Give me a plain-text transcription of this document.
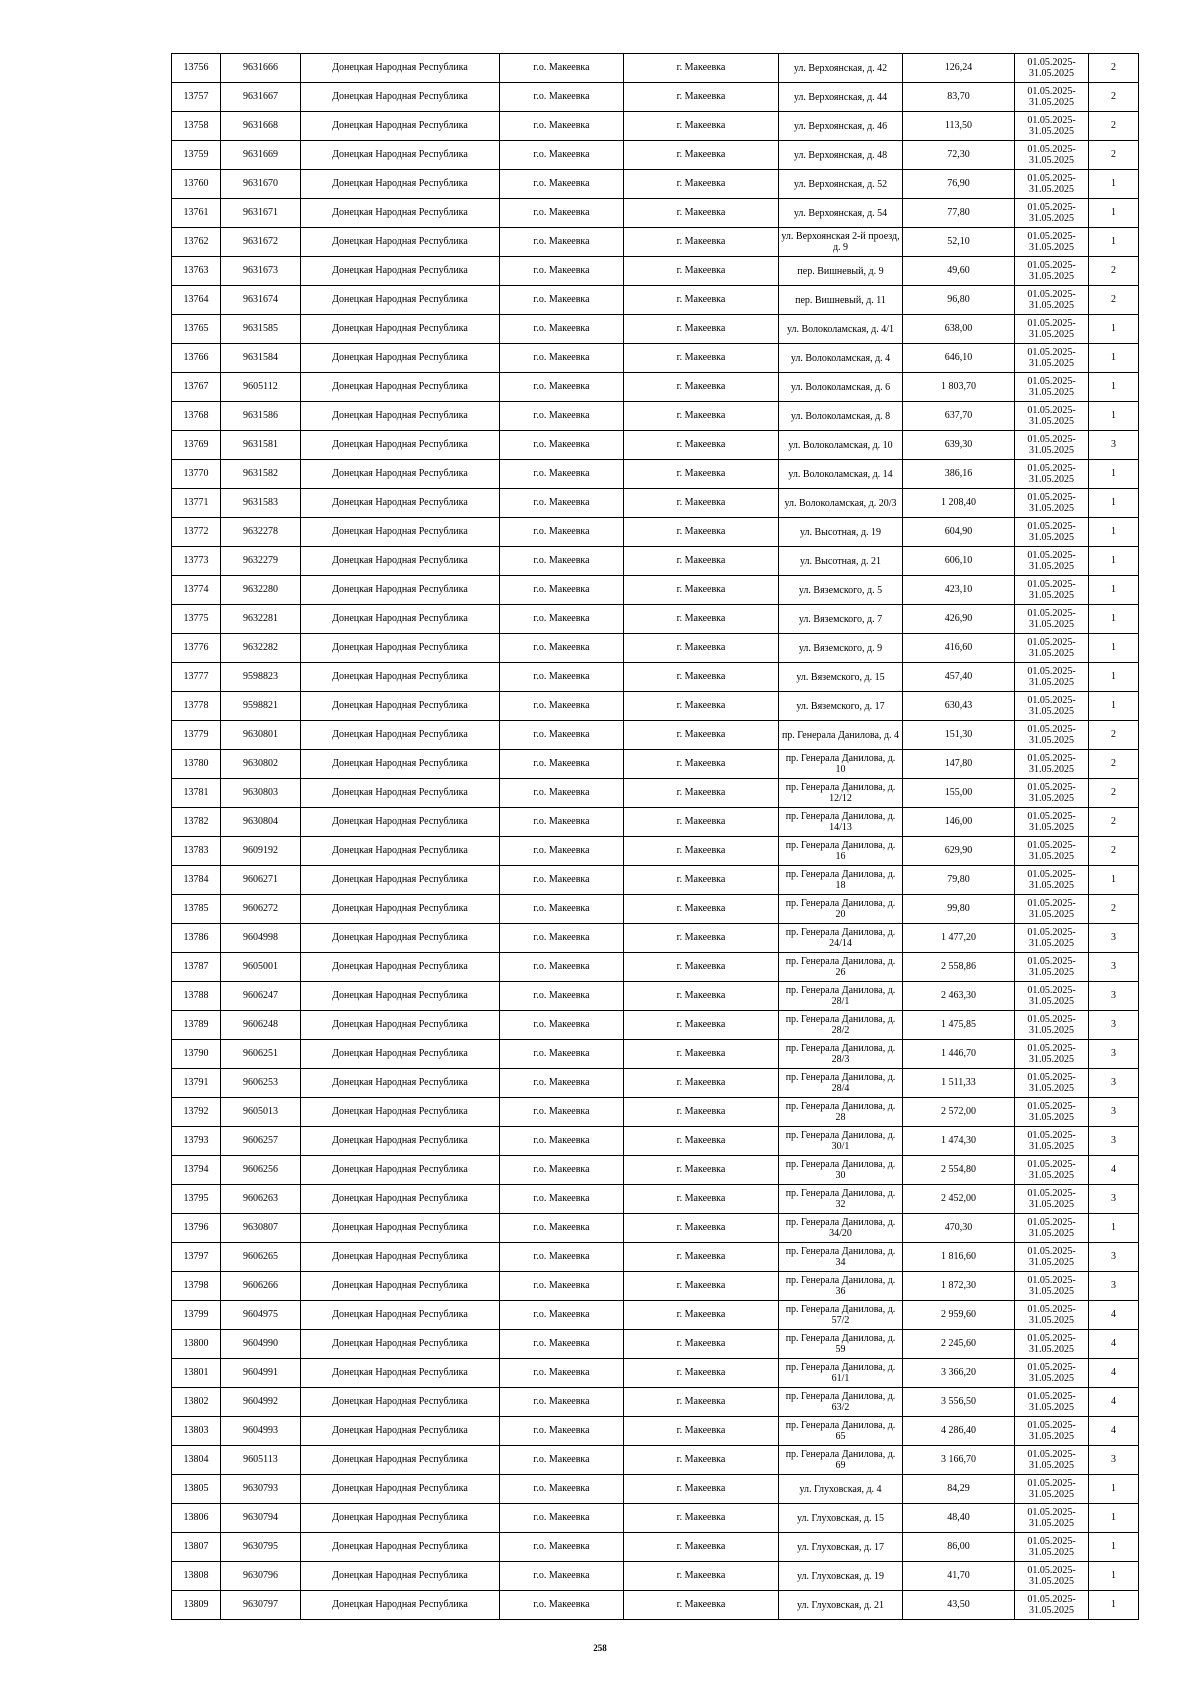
13756	9631666	Донецкая Народная Республика	г.о. Макеевка	г. Макеевка	ул. Верхоянская, д. 42	126,24	01.05.2025-31.05.2025	2
13757	9631667	Донецкая Народная Республика	г.о. Макеевка	г. Макеевка	ул. Верхоянская, д. 44	83,70	01.05.2025-31.05.2025	2
13758	9631668	Донецкая Народная Республика	г.о. Макеевка	г. Макеевка	ул. Верхоянская, д. 46	113,50	01.05.2025-31.05.2025	2
13759	9631669	Донецкая Народная Республика	г.о. Макеевка	г. Макеевка	ул. Верхоянская, д. 48	72,30	01.05.2025-31.05.2025	2
13760	9631670	Донецкая Народная Республика	г.о. Макеевка	г. Макеевка	ул. Верхоянская, д. 52	76,90	01.05.2025-31.05.2025	1
13761	9631671	Донецкая Народная Республика	г.о. Макеевка	г. Макеевка	ул. Верхоянская, д. 54	77,80	01.05.2025-31.05.2025	1
13762	9631672	Донецкая Народная Республика	г.о. Макеевка	г. Макеевка	ул. Верхоянская 2-й проезд, д. 9	52,10	01.05.2025-31.05.2025	1
13763	9631673	Донецкая Народная Республика	г.о. Макеевка	г. Макеевка	пер. Вишневый, д. 9	49,60	01.05.2025-31.05.2025	2
13764	9631674	Донецкая Народная Республика	г.о. Макеевка	г. Макеевка	пер. Вишневый, д. 11	96,80	01.05.2025-31.05.2025	2
13765	9631585	Донецкая Народная Республика	г.о. Макеевка	г. Макеевка	ул. Волоколамская, д. 4/1	638,00	01.05.2025-31.05.2025	1
13766	9631584	Донецкая Народная Республика	г.о. Макеевка	г. Макеевка	ул. Волоколамская, д. 4	646,10	01.05.2025-31.05.2025	1
13767	9605112	Донецкая Народная Республика	г.о. Макеевка	г. Макеевка	ул. Волоколамская, д. 6	1 803,70	01.05.2025-31.05.2025	1
13768	9631586	Донецкая Народная Республика	г.о. Макеевка	г. Макеевка	ул. Волоколамская, д. 8	637,70	01.05.2025-31.05.2025	1
13769	9631581	Донецкая Народная Республика	г.о. Макеевка	г. Макеевка	ул. Волоколамская, д. 10	639,30	01.05.2025-31.05.2025	3
13770	9631582	Донецкая Народная Республика	г.о. Макеевка	г. Макеевка	ул. Волоколамская, д. 14	386,16	01.05.2025-31.05.2025	1
13771	9631583	Донецкая Народная Республика	г.о. Макеевка	г. Макеевка	ул. Волоколамская, д. 20/3	1 208,40	01.05.2025-31.05.2025	1
13772	9632278	Донецкая Народная Республика	г.о. Макеевка	г. Макеевка	ул. Высотная, д. 19	604,90	01.05.2025-31.05.2025	1
13773	9632279	Донецкая Народная Республика	г.о. Макеевка	г. Макеевка	ул. Высотная, д. 21	606,10	01.05.2025-31.05.2025	1
13774	9632280	Донецкая Народная Республика	г.о. Макеевка	г. Макеевка	ул. Вяземского, д. 5	423,10	01.05.2025-31.05.2025	1
13775	9632281	Донецкая Народная Республика	г.о. Макеевка	г. Макеевка	ул. Вяземского, д. 7	426,90	01.05.2025-31.05.2025	1
13776	9632282	Донецкая Народная Республика	г.о. Макеевка	г. Макеевка	ул. Вяземского, д. 9	416,60	01.05.2025-31.05.2025	1
13777	9598823	Донецкая Народная Республика	г.о. Макеевка	г. Макеевка	ул. Вяземского, д. 15	457,40	01.05.2025-31.05.2025	1
13778	9598821	Донецкая Народная Республика	г.о. Макеевка	г. Макеевка	ул. Вяземского, д. 17	630,43	01.05.2025-31.05.2025	1
13779	9630801	Донецкая Народная Республика	г.о. Макеевка	г. Макеевка	пр. Генерала Данилова, д. 4	151,30	01.05.2025-31.05.2025	2
13780	9630802	Донецкая Народная Республика	г.о. Макеевка	г. Макеевка	пр. Генерала Данилова, д. 10	147,80	01.05.2025-31.05.2025	2
13781	9630803	Донецкая Народная Республика	г.о. Макеевка	г. Макеевка	пр. Генерала Данилова, д. 12/12	155,00	01.05.2025-31.05.2025	2
13782	9630804	Донецкая Народная Республика	г.о. Макеевка	г. Макеевка	пр. Генерала Данилова, д. 14/13	146,00	01.05.2025-31.05.2025	2
13783	9609192	Донецкая Народная Республика	г.о. Макеевка	г. Макеевка	пр. Генерала Данилова, д. 16	629,90	01.05.2025-31.05.2025	2
13784	9606271	Донецкая Народная Республика	г.о. Макеевка	г. Макеевка	пр. Генерала Данилова, д. 18	79,80	01.05.2025-31.05.2025	1
13785	9606272	Донецкая Народная Республика	г.о. Макеевка	г. Макеевка	пр. Генерала Данилова, д. 20	99,80	01.05.2025-31.05.2025	2
13786	9604998	Донецкая Народная Республика	г.о. Макеевка	г. Макеевка	пр. Генерала Данилова, д. 24/14	1 477,20	01.05.2025-31.05.2025	3
13787	9605001	Донецкая Народная Республика	г.о. Макеевка	г. Макеевка	пр. Генерала Данилова, д. 26	2 558,86	01.05.2025-31.05.2025	3
13788	9606247	Донецкая Народная Республика	г.о. Макеевка	г. Макеевка	пр. Генерала Данилова, д. 28/1	2 463,30	01.05.2025-31.05.2025	3
13789	9606248	Донецкая Народная Республика	г.о. Макеевка	г. Макеевка	пр. Генерала Данилова, д. 28/2	1 475,85	01.05.2025-31.05.2025	3
13790	9606251	Донецкая Народная Республика	г.о. Макеевка	г. Макеевка	пр. Генерала Данилова, д. 28/3	1 446,70	01.05.2025-31.05.2025	3
13791	9606253	Донецкая Народная Республика	г.о. Макеевка	г. Макеевка	пр. Генерала Данилова, д. 28/4	1 511,33	01.05.2025-31.05.2025	3
13792	9605013	Донецкая Народная Республика	г.о. Макеевка	г. Макеевка	пр. Генерала Данилова, д. 28	2 572,00	01.05.2025-31.05.2025	3
13793	9606257	Донецкая Народная Республика	г.о. Макеевка	г. Макеевка	пр. Генерала Данилова, д. 30/1	1 474,30	01.05.2025-31.05.2025	3
13794	9606256	Донецкая Народная Республика	г.о. Макеевка	г. Макеевка	пр. Генерала Данилова, д. 30	2 554,80	01.05.2025-31.05.2025	4
13795	9606263	Донецкая Народная Республика	г.о. Макеевка	г. Макеевка	пр. Генерала Данилова, д. 32	2 452,00	01.05.2025-31.05.2025	3
13796	9630807	Донецкая Народная Республика	г.о. Макеевка	г. Макеевка	пр. Генерала Данилова, д. 34/20	470,30	01.05.2025-31.05.2025	1
13797	9606265	Донецкая Народная Республика	г.о. Макеевка	г. Макеевка	пр. Генерала Данилова, д. 34	1 816,60	01.05.2025-31.05.2025	3
13798	9606266	Донецкая Народная Республика	г.о. Макеевка	г. Макеевка	пр. Генерала Данилова, д. 36	1 872,30	01.05.2025-31.05.2025	3
13799	9604975	Донецкая Народная Республика	г.о. Макеевка	г. Макеевка	пр. Генерала Данилова, д. 57/2	2 959,60	01.05.2025-31.05.2025	4
13800	9604990	Донецкая Народная Республика	г.о. Макеевка	г. Макеевка	пр. Генерала Данилова, д. 59	2 245,60	01.05.2025-31.05.2025	4
13801	9604991	Донецкая Народная Республика	г.о. Макеевка	г. Макеевка	пр. Генерала Данилова, д. 61/1	3 366,20	01.05.2025-31.05.2025	4
13802	9604992	Донецкая Народная Республика	г.о. Макеевка	г. Макеевка	пр. Генерала Данилова, д. 63/2	3 556,50	01.05.2025-31.05.2025	4
13803	9604993	Донецкая Народная Республика	г.о. Макеевка	г. Макеевка	пр. Генерала Данилова, д. 65	4 286,40	01.05.2025-31.05.2025	4
13804	9605113	Донецкая Народная Республика	г.о. Макеевка	г. Макеевка	пр. Генерала Данилова, д. 69	3 166,70	01.05.2025-31.05.2025	3
13805	9630793	Донецкая Народная Республика	г.о. Макеевка	г. Макеевка	ул. Глуховская, д. 4	84,29	01.05.2025-31.05.2025	1
13806	9630794	Донецкая Народная Республика	г.о. Макеевка	г. Макеевка	ул. Глуховская, д. 15	48,40	01.05.2025-31.05.2025	1
13807	9630795	Донецкая Народная Республика	г.о. Макеевка	г. Макеевка	ул. Глуховская, д. 17	86,00	01.05.2025-31.05.2025	1
13808	9630796	Донецкая Народная Республика	г.о. Макеевка	г. Макеевка	ул. Глуховская, д. 19	41,70	01.05.2025-31.05.2025	1
13809	9630797	Донецкая Народная Республика	г.о. Макеевка	г. Макеевка	ул. Глуховская, д. 21	43,50	01.05.2025-31.05.2025	1
258
